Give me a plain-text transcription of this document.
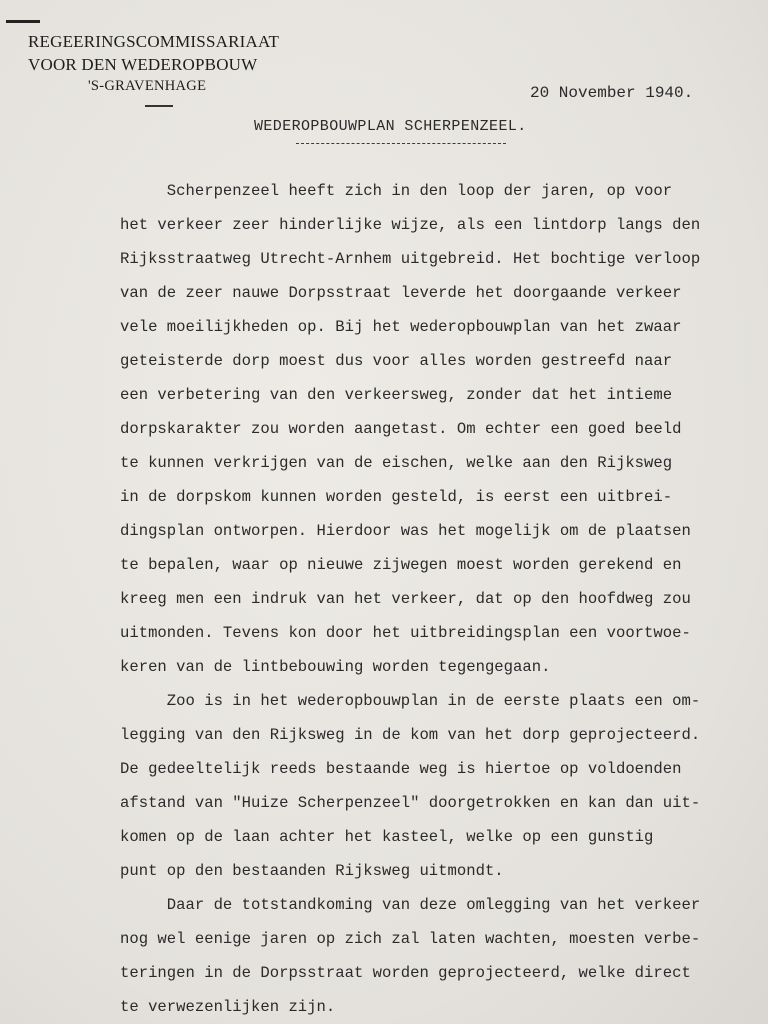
REGEERINGSCOMMISSARIAAT
VOOR DEN WEDEROPBOUW
'S-GRAVENHAGE	20 November 1940.
WEDEROPBOUWPLAN SCHERPENZEEL.
Scherpenzeel heeft zich in den loop der jaren, op voor
het verkeer zeer hinderlijke wijze, als een lintdorp langs den
Rijksstraatweg Utrecht-Arnhem uitgebreid. Het bochtige verloop
van de zeer nauwe Dorpsstraat leverde het doorgaande verkeer
vele moeilijkheden op. Bij het wederopbouwplan van het zwaar
geteisterde dorp moest dus voor alles worden gestreefd naar
een verbetering van den verkeersweg, zonder dat het intieme
dorpskarakter zou worden aangetast. Om echter een goed beeld
te kunnen verkrijgen van de eischen, welke aan den Rijksweg
in de dorpskom kunnen worden gesteld, is eerst een uitbrei-
dingsplan ontworpen. Hierdoor was het mogelijk om de plaatsen
te bepalen, waar op nieuwe zijwegen moest worden gerekend en
kreeg men een indruk van het verkeer, dat op den hoofdweg zou
uitmonden. Tevens kon door het uitbreidingsplan een voortwoe-
keren van de lintbebouwing worden tegengegaan.
Zoo is in het wederopbouwplan in de eerste plaats een om-
legging van den Rijksweg in de kom van het dorp geprojecteerd.
De gedeeltelijk reeds bestaande weg is hiertoe op voldoenden
afstand van "Huize Scherpenzeel" doorgetrokken en kan dan uit-
komen op de laan achter het kasteel, welke op een gunstig
punt op den bestaanden Rijksweg uitmondt.
Daar de totstandkoming van deze omlegging van het verkeer
nog wel eenige jaren op zich zal laten wachten, moesten verbe-
teringen in de Dorpsstraat worden geprojecteerd, welke direct
te verwezenlijken zijn.
